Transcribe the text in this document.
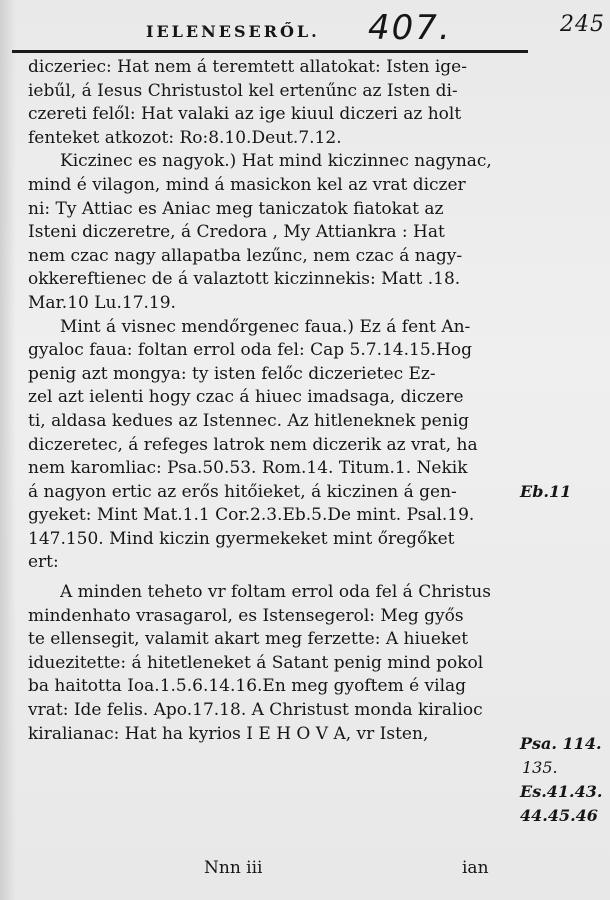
IELENESERŐL. 407.	245
diczeriec: Hat nem á teremtett allatokat: Isten ige-
iebűl, á Iesus Christustol kel ertenűnc az Isten di-
czereti felől: Hat valaki az ige kiuul diczeri az holt
fenteket atkozot: Ro:8.10.Deut.7.12.
Kiczinec es nagyok.) Hat mind kiczinnec nagynac,
mind é vilagon, mind á masickon kel az vrat diczer
ni: Ty Attiac es Aniac meg taniczatok fiatokat az
Isteni diczeretre, á Credora , My Attiankra : Hat
nem czac nagy allapatba lezűnc, nem czac á nagy-
okkereftienec de á valaztott kiczinnekis: Matt .18.
Mar.10 Lu.17.19.
Mint á visnec mendőrgenec faua.) Ez á fent An-
gyaloc faua: foltan errol oda fel: Cap 5.7.14.15.Hog
penig azt mongya: ty isten felőc diczerietec Ez-
zel azt ielenti hogy czac á hiuec imadsaga, diczere
ti, aldasa kedues az Istennec. Az hitleneknek penig
diczeretec, á refeges latrok nem diczerik az vrat, ha
nem karomliac: Psa.50.53. Rom.14. Titum.1. Nekik
á nagyon ertic az erős hitőieket, á kiczinen á gen-
gyeket: Mint Mat.1.1 Cor.2.3.Eb.5.De mint. Psal.19.
147.150. Mind kiczin gyermekeket mint őregőket
ert:
A minden teheto vr foltam errol oda fel á Christus
mindenhato vrasagarol, es Istensegerol: Meg győs
te ellensegit, valamit akart meg ferzette: A hiueket
iduezitette: á hitetleneket á Satant penig mind pokol
ba haitotta Ioa.1.5.6.14.16.En meg gyoftem é vilag
vrat: Ide felis. Apo.17.18. A Christust monda kiralioc
kiralianac: Hat ha kyrios I E H O V A, vr Isten,
Eb.11
Psa. 114.
135.
Es.41.43.
44.45.46
Nnn iii	ian
